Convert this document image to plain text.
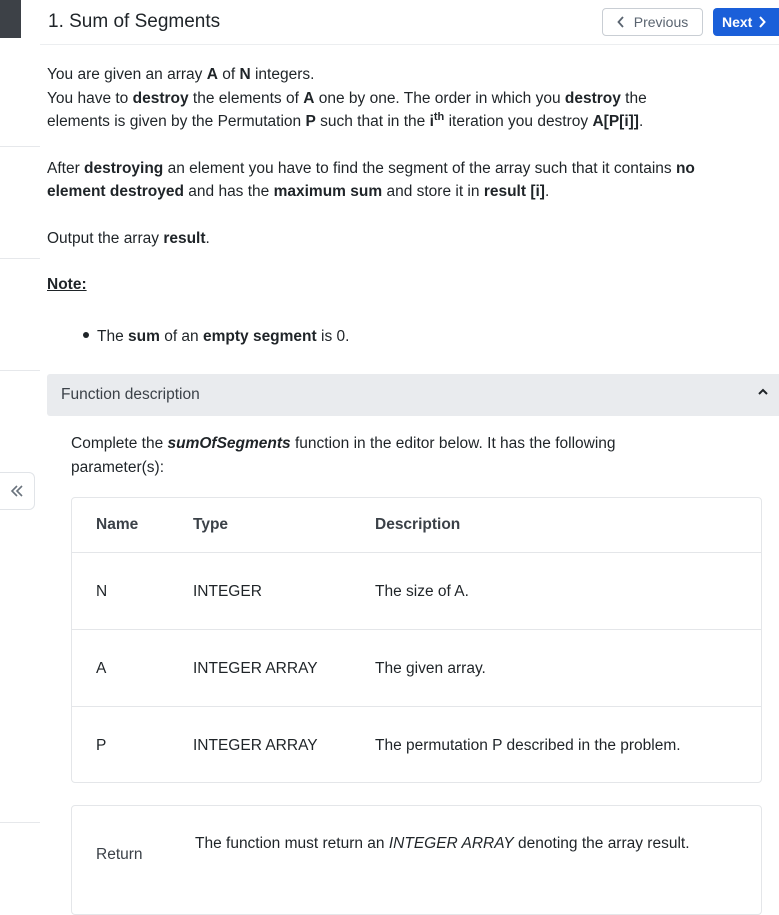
1. Sum of Segments	Previous Next

You are given an array A of N integers.

You have to destroy the elements of A one by one. The order in which you destroy the

elements is given by the Permutation P such that in the $i^{th}$ iteration you destroy A[P[i]].

After destroying an element you have to find the segment of the array such that it contains no

element destroyed and has the maximum sum and store it in result [i].

Output the array result.

Note:

The sum of an empty segment is 0.
Function description
Complete the sumOfSegments function in the editor below. It has the following parameter(s):
Name	Type	Description
N	INTEGER	The size of A.
A	INTEGER ARRAY	The given array.
P	INTEGER ARRAY	The permutation P described in the problem.
Return
The function must return an INTEGER ARRAY denoting the array result.
